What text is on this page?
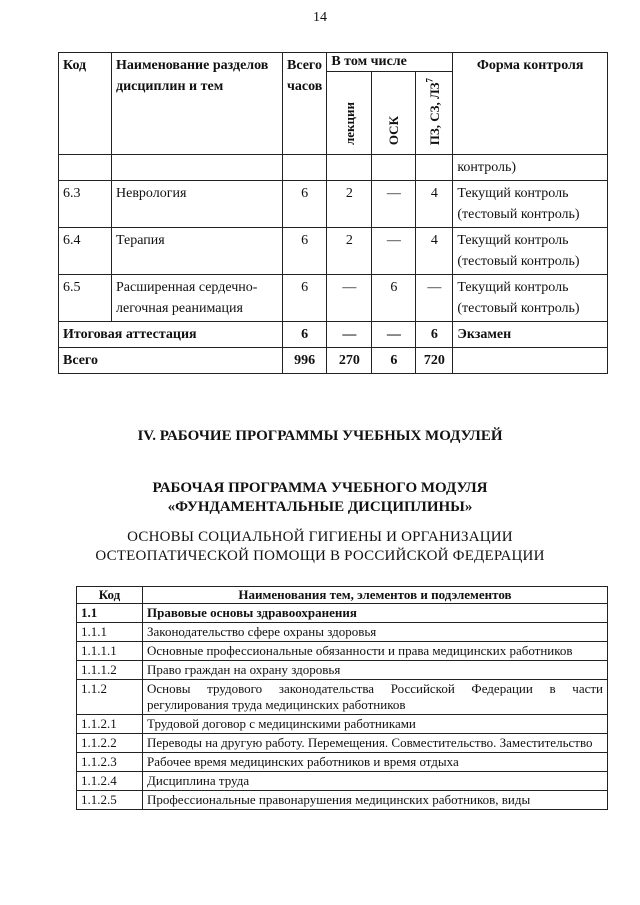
14
Код	Наименование разделов дисциплин и тем	Всего часов	В том числе			Форма контроля
			лекции	ОСК	ПЗ, СЗ, $ЛЗ^7$
						контроль)
6.3	Неврология	6	2	—	4	Текущий контроль (тестовый контроль)
6.4	Терапия	6	2	—	4	Текущий контроль (тестовый контроль)
6.5	Расширенная сердечно-легочная реанимация	6	—	6	—	Текущий контроль (тестовый контроль)
Итоговая аттестация		6	—	—	6	Экзамен
Всего		996	270	6	720	
IV. РАБОЧИЕ ПРОГРАММЫ УЧЕБНЫХ МОДУЛЕЙ
РАБОЧАЯ ПРОГРАММА УЧЕБНОГО МОДУЛЯ
«ФУНДАМЕНТАЛЬНЫЕ ДИСЦИПЛИНЫ»
ОСНОВЫ СОЦИАЛЬНОЙ ГИГИЕНЫ И ОРГАНИЗАЦИИ
ОСТЕОПАТИЧЕСКОЙ ПОМОЩИ В РОССИЙСКОЙ ФЕДЕРАЦИИ
Код	Наименования тем, элементов и подэлементов
1.1	Правовые основы здравоохранения
1.1.1	Законодательство сфере охраны здоровья
1.1.1.1	Основные профессиональные обязанности и права медицинских работников
1.1.1.2	Право граждан на охрану здоровья
1.1.2	Основы трудового законодательства Российской Федерации в части регулирования труда медицинских работников
1.1.2.1	Трудовой договор с медицинскими работниками
1.1.2.2	Переводы на другую работу. Перемещения. Совместительство. Заместительство
1.1.2.3	Рабочее время медицинских работников и время отдыха
1.1.2.4	Дисциплина труда
1.1.2.5	Профессиональные правонарушения медицинских работников, виды
